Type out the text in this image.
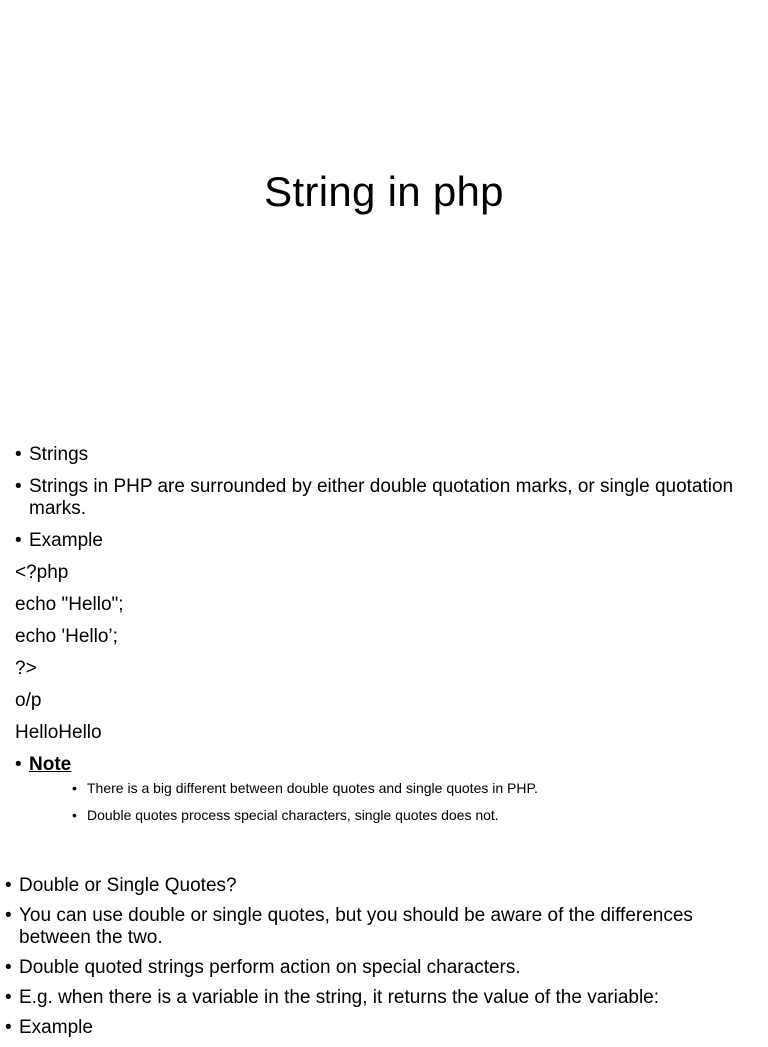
String in php
• Strings
• Strings in PHP are surrounded by either double quotation marks, or single quotation marks.
• Example
<?php
echo "Hello";
echo 'Hello’;
?>
o/p
HelloHello
• Note
• There is a big different between double quotes and single quotes in PHP.
• Double quotes process special characters, single quotes does not.
• Double or Single Quotes?
• You can use double or single quotes, but you should be aware of the differences between the two.
• Double quoted strings perform action on special characters.
• E.g. when there is a variable in the string, it returns the value of the variable:
• Example
